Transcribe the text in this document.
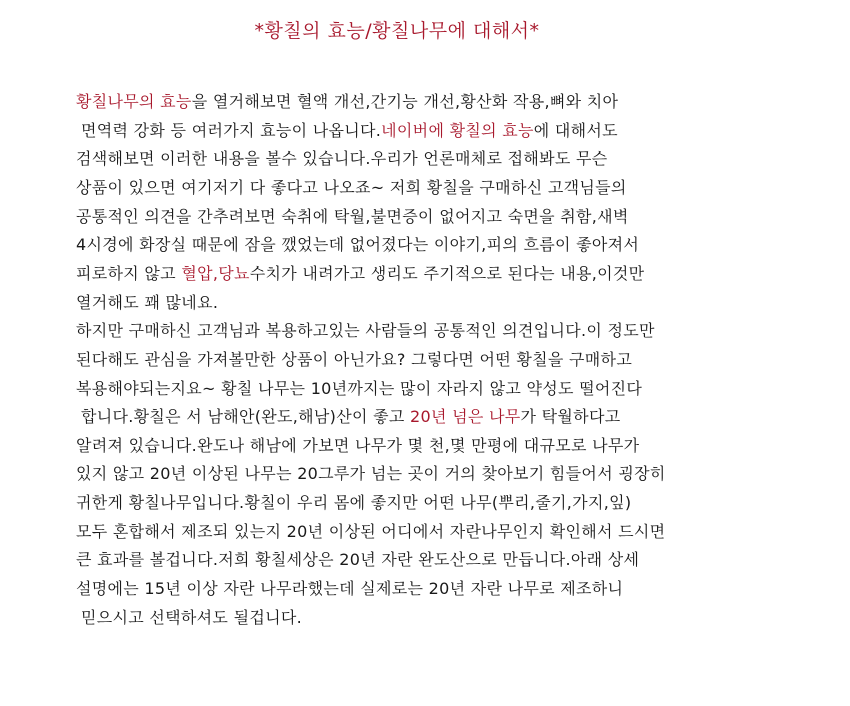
*황칠의 효능/황칠나무에 대해서*
황칠나무의 효능을 열거해보면 혈액 개선,간기능 개선,황산화 작용,뼈와 치아
면역력 강화 등 여러가지 효능이 나옵니다.네이버에 황칠의 효능에 대해서도
검색해보면 이러한 내용을 볼수 있습니다.우리가 언론매체로 접해봐도 무슨
상품이 있으면 여기저기 다 좋다고 나오죠~ 저희 황칠을 구매하신 고객님들의
공통적인 의견을 간추려보면 숙취에 탁월,불면증이 없어지고 숙면을 취함,새벽
4시경에 화장실 때문에 잠을 깼었는데 없어졌다는 이야기,피의 흐름이 좋아져서
피로하지 않고 혈압,당뇨수치가 내려가고 생리도 주기적으로 된다는 내용,이것만
열거해도 꽤 많네요.
하지만 구매하신 고객님과 복용하고있는 사람들의 공통적인 의견입니다.이 정도만
된다해도 관심을 가져볼만한 상품이 아닌가요? 그렇다면 어떤 황칠을 구매하고
복용해야되는지요~ 황칠 나무는 10년까지는 많이 자라지 않고 약성도 떨어진다
합니다.황칠은 서 남해안(완도,해남)산이 좋고 20년 넘은 나무가 탁월하다고
알려져 있습니다.완도나 해남에 가보면 나무가 몇 천,몇 만평에 대규모로 나무가
있지 않고 20년 이상된 나무는 20그루가 넘는 곳이 거의 찾아보기 힘들어서 굉장히
귀한게 황칠나무입니다.황칠이 우리 몸에 좋지만 어떤 나무(뿌리,줄기,가지,잎)
모두 혼합해서 제조되 있는지 20년 이상된 어디에서 자란나무인지 확인해서 드시면
큰 효과를 볼겁니다.저희 황칠세상은 20년 자란 완도산으로 만듭니다.아래 상세
설명에는 15년 이상 자란 나무라했는데 실제로는 20년 자란 나무로 제조하니
믿으시고 선택하셔도 될겁니다.
